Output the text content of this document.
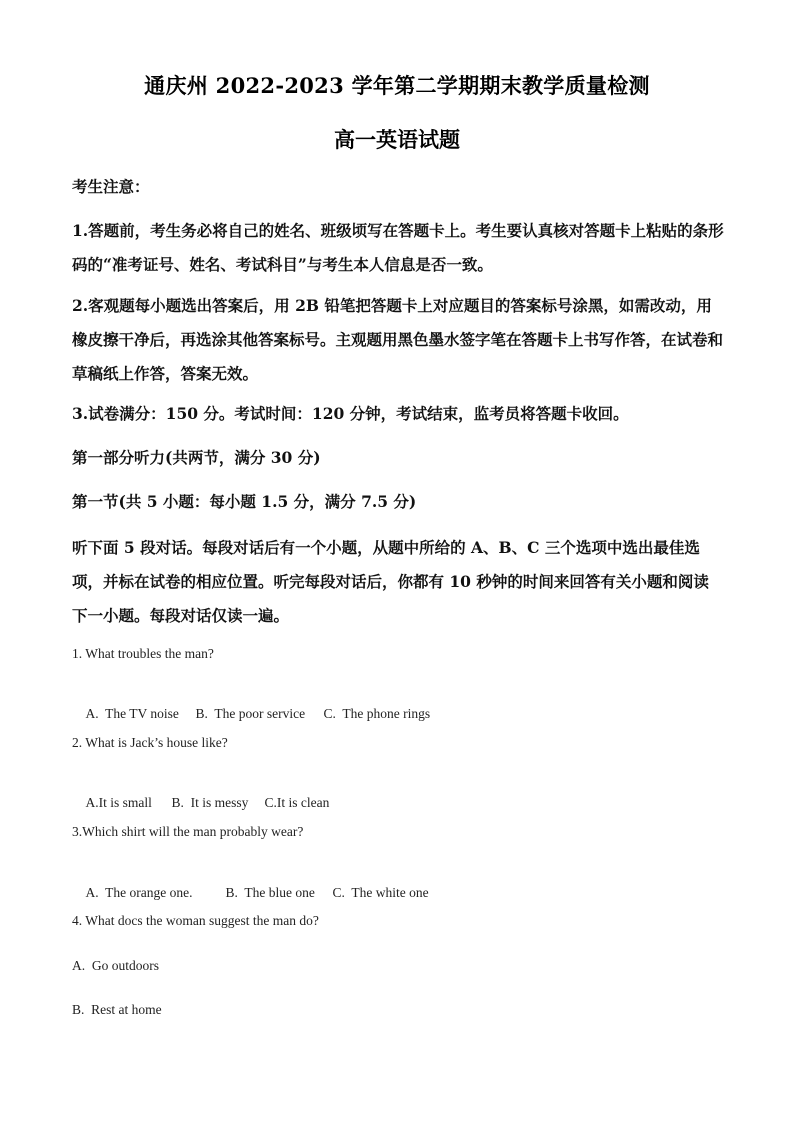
通庆州 2022-2023 学年第二学期期末教学质量检测
高一英语试题
考生注意：
1.答题前，考生务必将自己的姓名、班级顷写在答题卡上。考生要认真核对答题卡上粘贴的条形码的“准考证号、姓名、考试科目”与考生本人信息是否一致。
2.客观题每小题选出答案后，用 2B 铅笔把答题卡上对应题目的答案标号涂黑，如需改动，用橡皮擦干净后，再选涂其他答案标号。主观题用黑色墨水签字笔在答题卡上书写作答，在试卷和草稿纸上作答，答案无效。
3.试卷满分：150 分。考试时间：120 分钟，考试结束，监考员将答题卡收回。
第一部分听力(共两节，满分 30 分)
第一节(共 5 小题：每小题 1.5 分，满分 7.5 分)
听下面 5 段对话。每段对话后有一个小题，从题中所给的 A、B、C 三个选项中选出最佳选项，并标在试卷的相应位置。听完每段对话后，你都有 10 秒钟的时间来回答有关小题和阅读下一小题。每段对话仅读一遍。
1. What troubles the man?

A.  The TV noise B.  The poor service C.  The phone rings

2. What is Jack’s house like?

A.It is small B.  It is messy C.It is clean

3.Which shirt will the man probably wear?

A.  The orange one. B.  The blue one C.  The white one

4. What docs the woman suggest the man do?
A.  Go outdoors
B.  Rest at home
